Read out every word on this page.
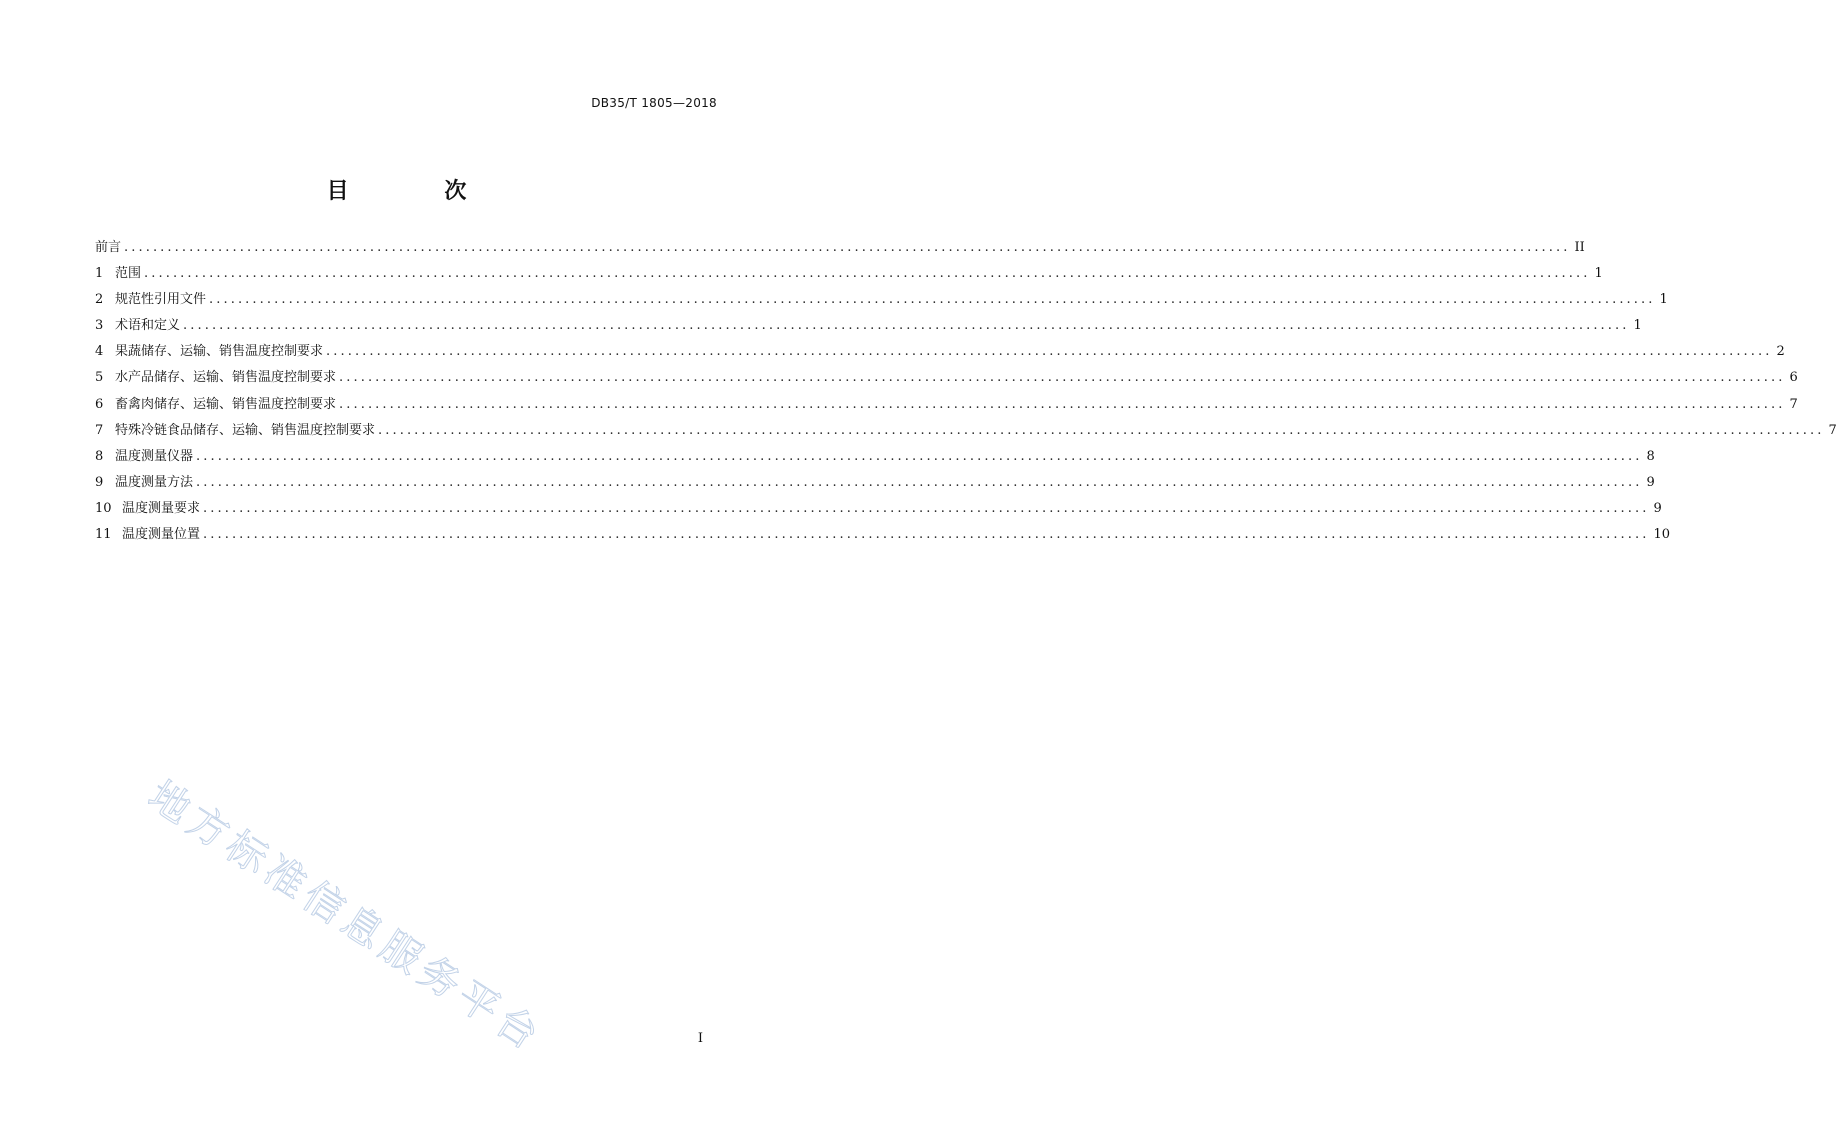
DB35/T 1805—2018
目 次
前言 ........................................................................................................................................................................................................ II
1 范围 ........................................................................................................................................................................................................ 1
2 规范性引用文件 ........................................................................................................................................................................................................ 1
3 术语和定义 ........................................................................................................................................................................................................ 1
4 果蔬储存、运输、销售温度控制要求 ........................................................................................................................................................................................................ 2
5 水产品储存、运输、销售温度控制要求 ........................................................................................................................................................................................................ 6
6 畜禽肉储存、运输、销售温度控制要求 ........................................................................................................................................................................................................ 7
7 特殊冷链食品储存、运输、销售温度控制要求 ........................................................................................................................................................................................................ 7
8 温度测量仪器 ........................................................................................................................................................................................................ 8
9 温度测量方法 ........................................................................................................................................................................................................ 9
10 温度测量要求 ........................................................................................................................................................................................................ 9
11 温度测量位置 ........................................................................................................................................................................................................ 10
地方标准信息服务平台	I
